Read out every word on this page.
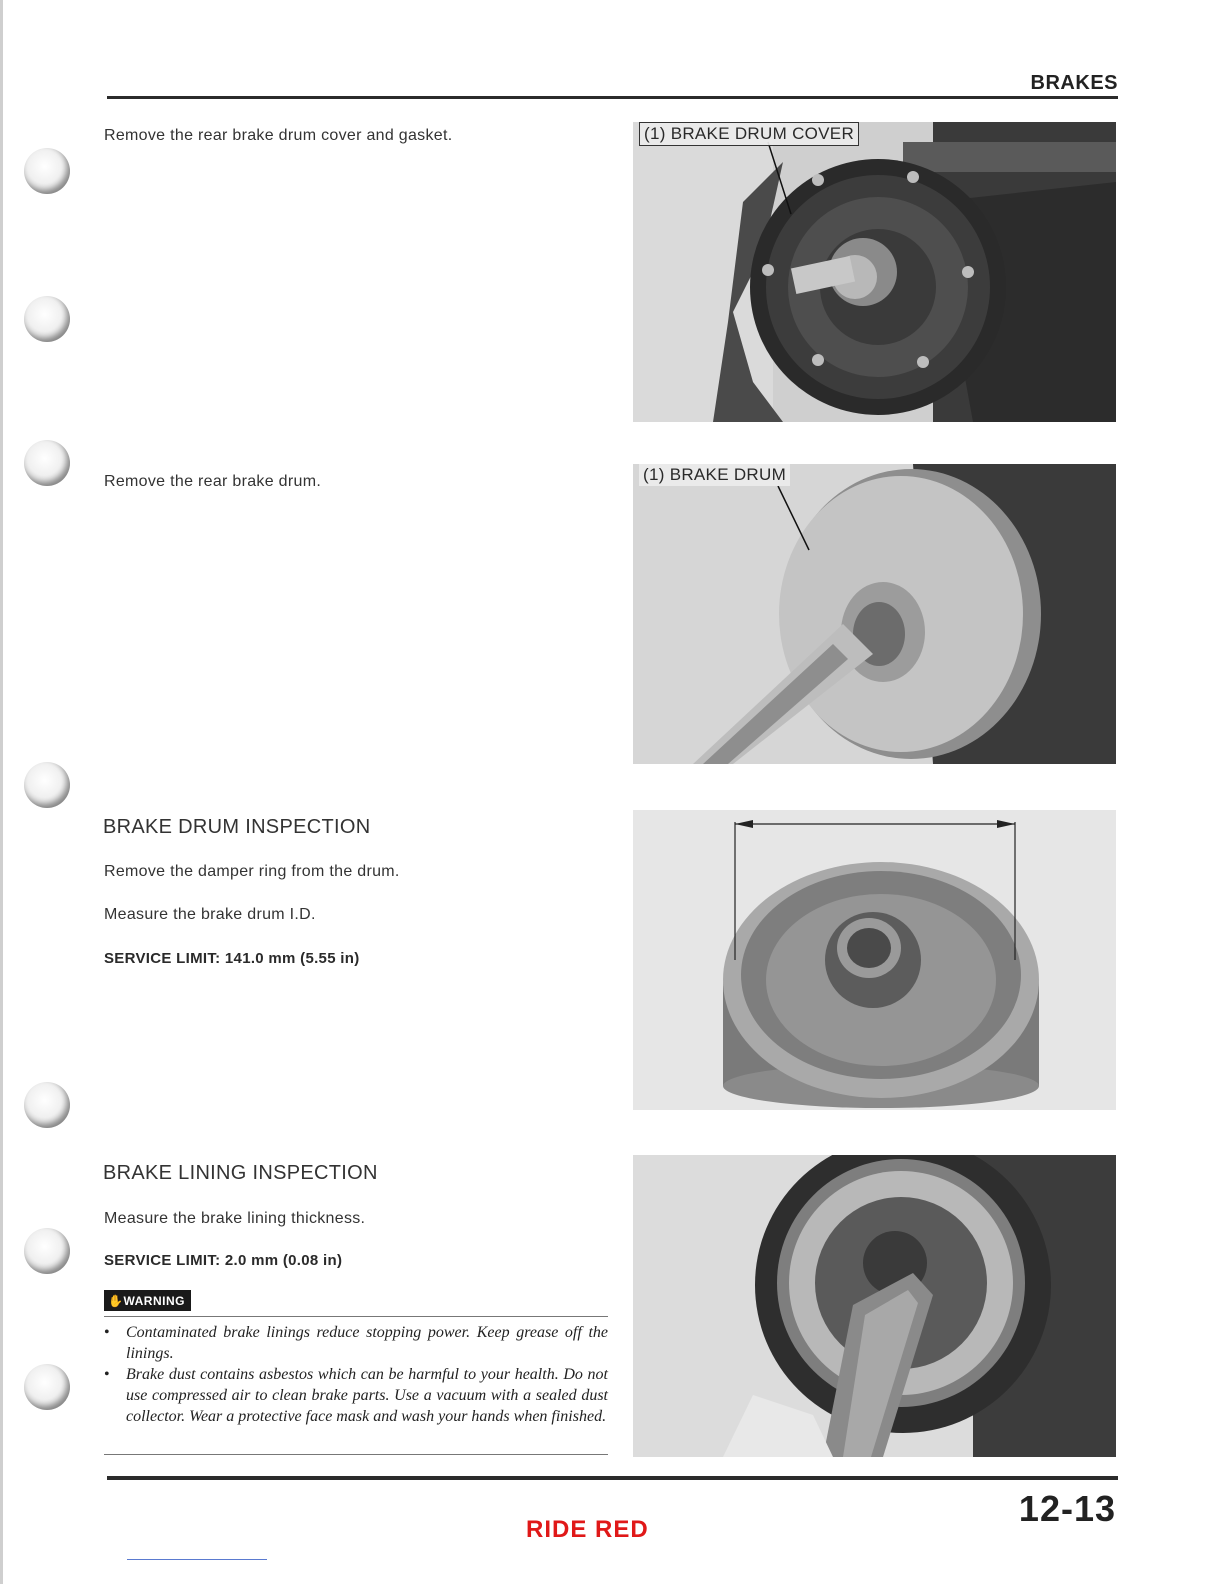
BRAKES
Remove the rear brake drum cover and gasket.
Remove the rear brake drum.
BRAKE DRUM INSPECTION
Remove the damper ring from the drum.
Measure the brake drum I.D.
SERVICE LIMIT: 141.0 mm (5.55 in)
BRAKE LINING INSPECTION
Measure the brake lining thickness.
SERVICE LIMIT: 2.0 mm (0.08 in)
✋WARNING
• Contaminated brake linings reduce stopping power. Keep grease off the linings.
• Brake dust contains asbestos which can be harmful to your health. Do not use compressed air to clean brake parts. Use a vacuum with a sealed dust collector. Wear a protective face mask and wash your hands when finished.
(1) BRAKE DRUM COVER
(1) BRAKE DRUM
12-13
RIDE RED
